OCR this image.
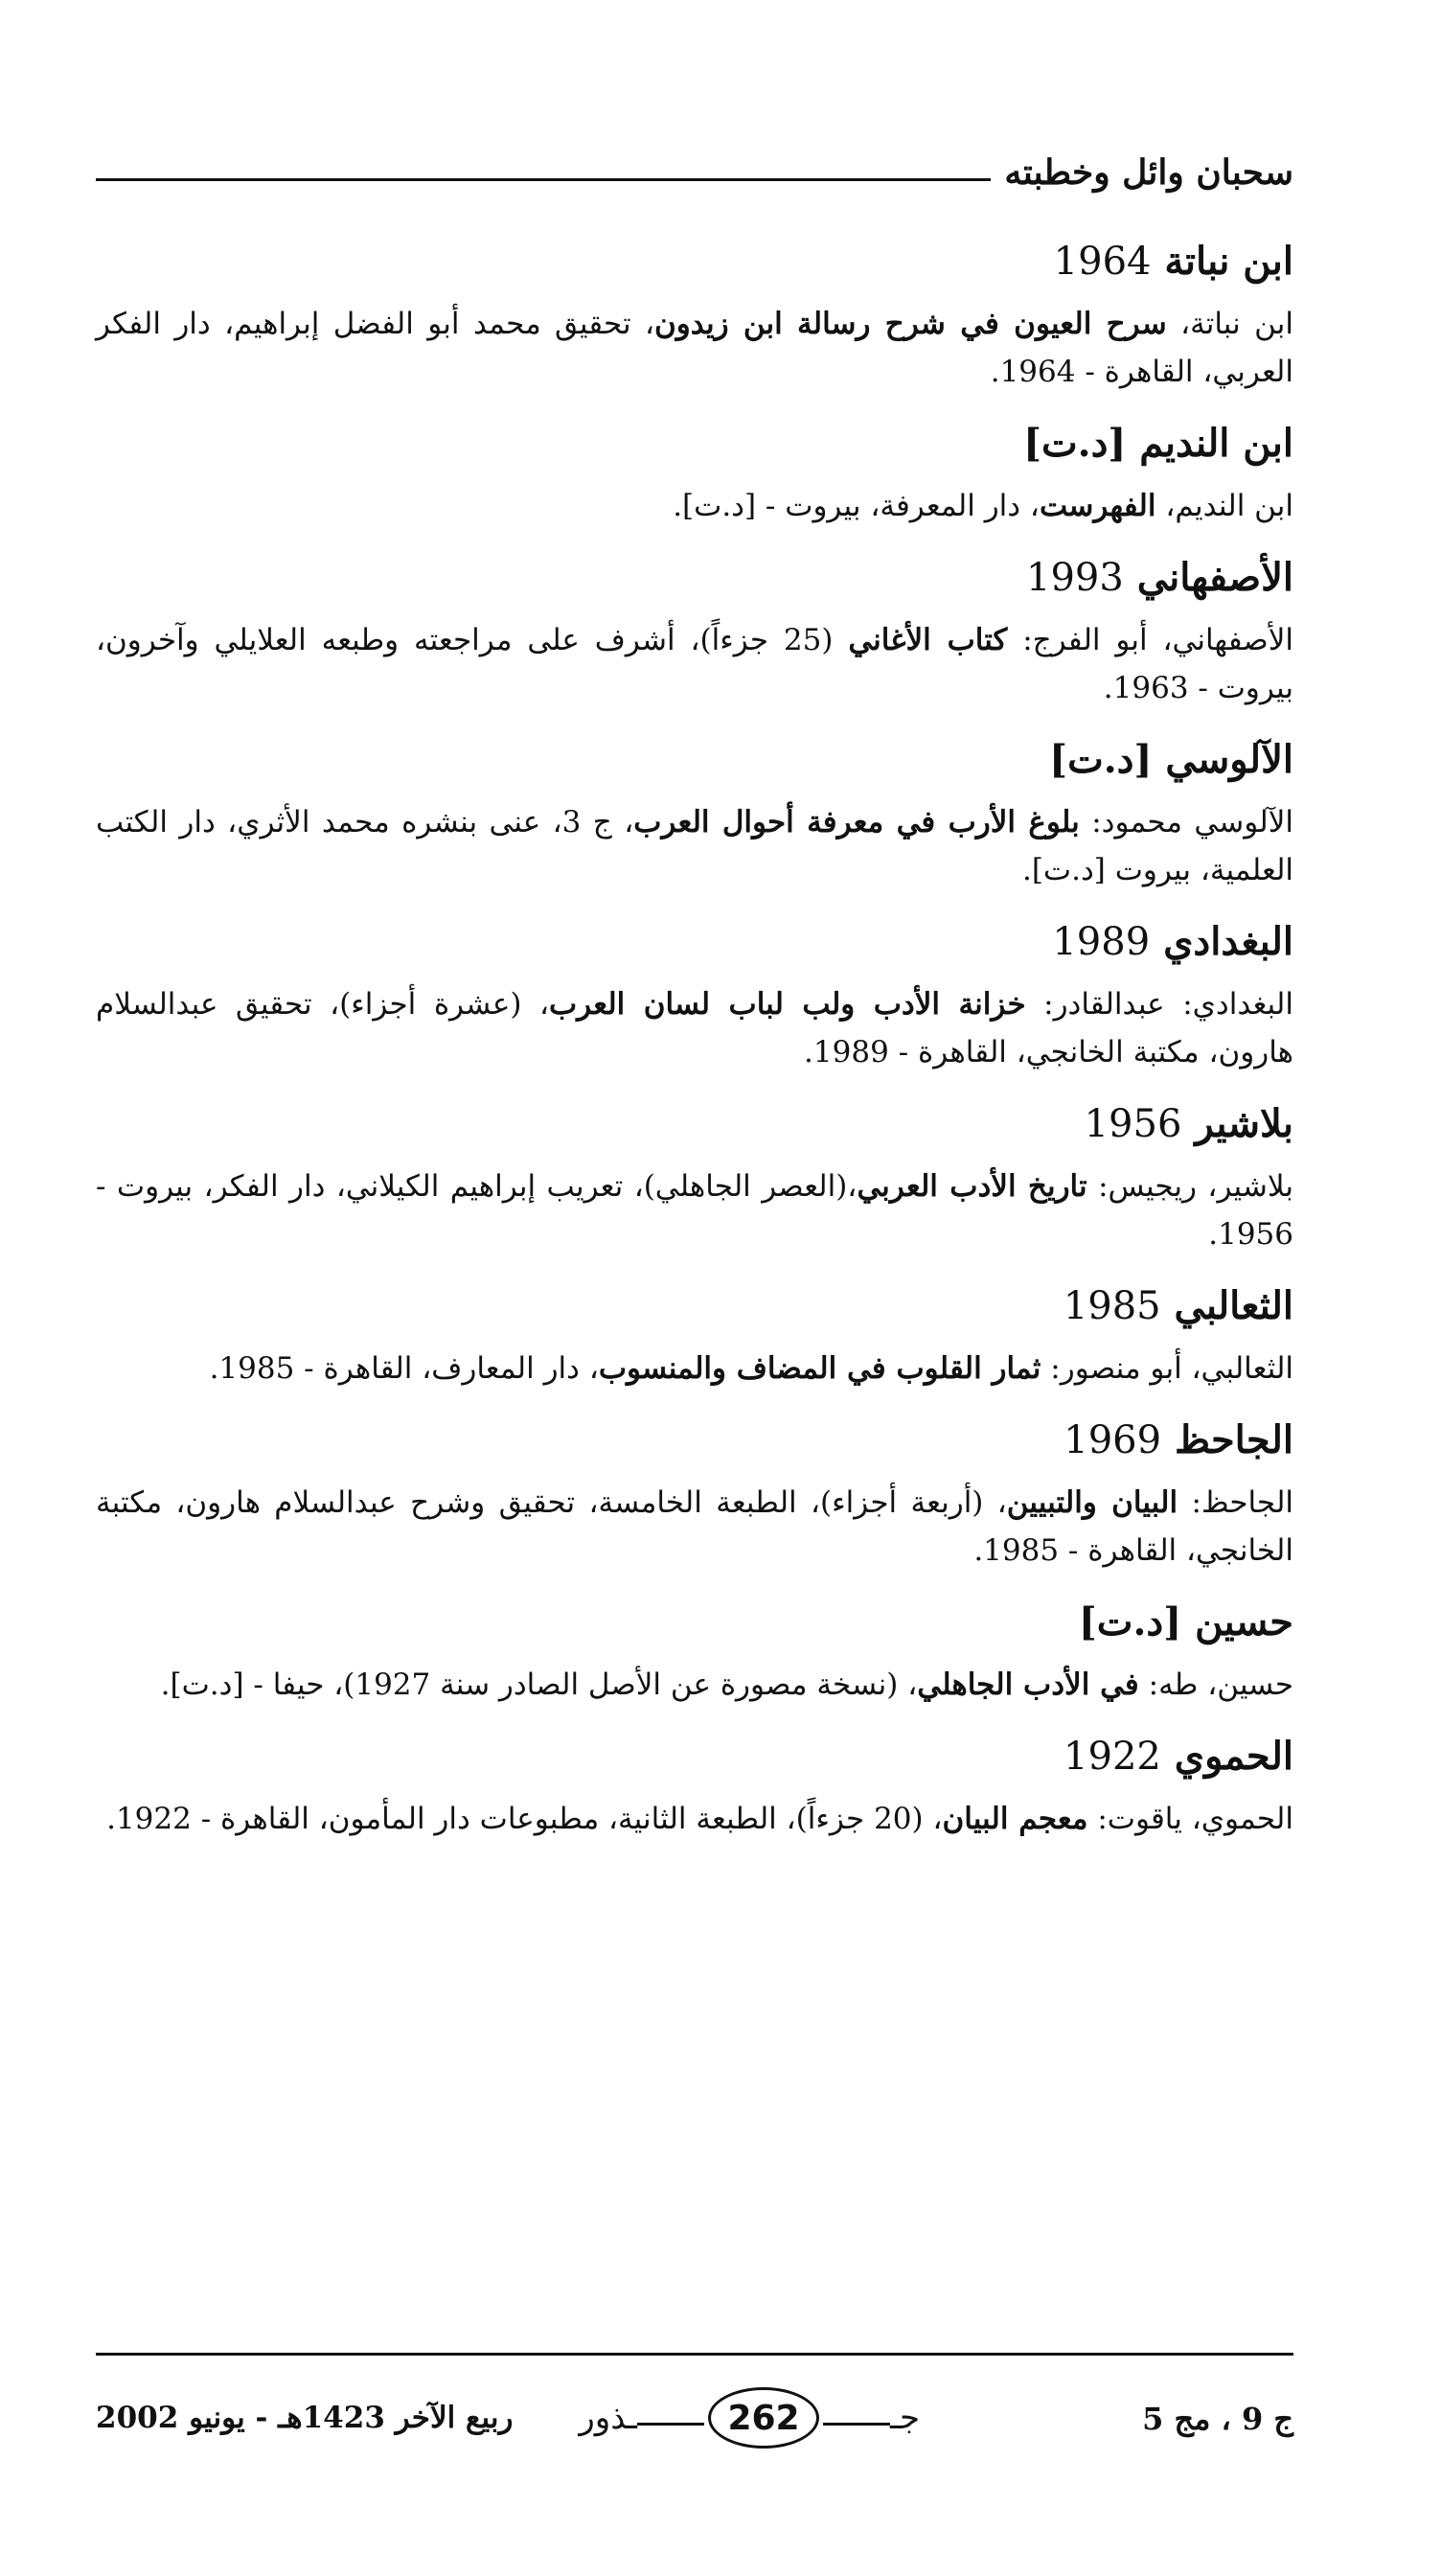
سحبان وائل وخطبته
ابن نباتة 1964
ابن نباتة، سرح العيون في شرح رسالة ابن زيدون، تحقيق محمد أبو الفضل إبراهيم، دار الفكر العربي، القاهرة - 1964.
ابن النديم [د.ت]
ابن النديم، الفهرست، دار المعرفة، بيروت - [د.ت].
الأصفهاني 1993
الأصفهاني، أبو الفرج: كتاب الأغاني (25 جزءاً)، أشرف على مراجعته وطبعه العلايلي وآخرون، بيروت - 1963.
الآلوسي [د.ت]
الآلوسي محمود: بلوغ الأرب في معرفة أحوال العرب، ج 3، عنى بنشره محمد الأثري، دار الكتب العلمية، بيروت [د.ت].
البغدادي 1989
البغدادي: عبدالقادر: خزانة الأدب ولب لباب لسان العرب، (عشرة أجزاء)، تحقيق عبدالسلام هارون، مكتبة الخانجي، القاهرة - 1989.
بلاشير 1956
بلاشير، ريجيس: تاريخ الأدب العربي،(العصر الجاهلي)، تعريب إبراهيم الكيلاني، دار الفكر، بيروت - 1956.
الثعالبي 1985
الثعالبي، أبو منصور: ثمار القلوب في المضاف والمنسوب، دار المعارف، القاهرة - 1985.
الجاحظ 1969
الجاحظ: البيان والتبيين، (أربعة أجزاء)، الطبعة الخامسة، تحقيق وشرح عبدالسلام هارون، مكتبة الخانجي، القاهرة - 1985.
حسين [د.ت]
حسين، طه: في الأدب الجاهلي، (نسخة مصورة عن الأصل الصادر سنة 1927)، حيفا - [د.ت].
الحموي 1922
الحموي، ياقوت: معجم البيان، (20 جزءاً)، الطبعة الثانية، مطبوعات دار المأمون، القاهرة - 1922.
ج 9 ، مج 5
جـ
262
ـذور
ربيع الآخر 1423هـ - يونيو 2002
